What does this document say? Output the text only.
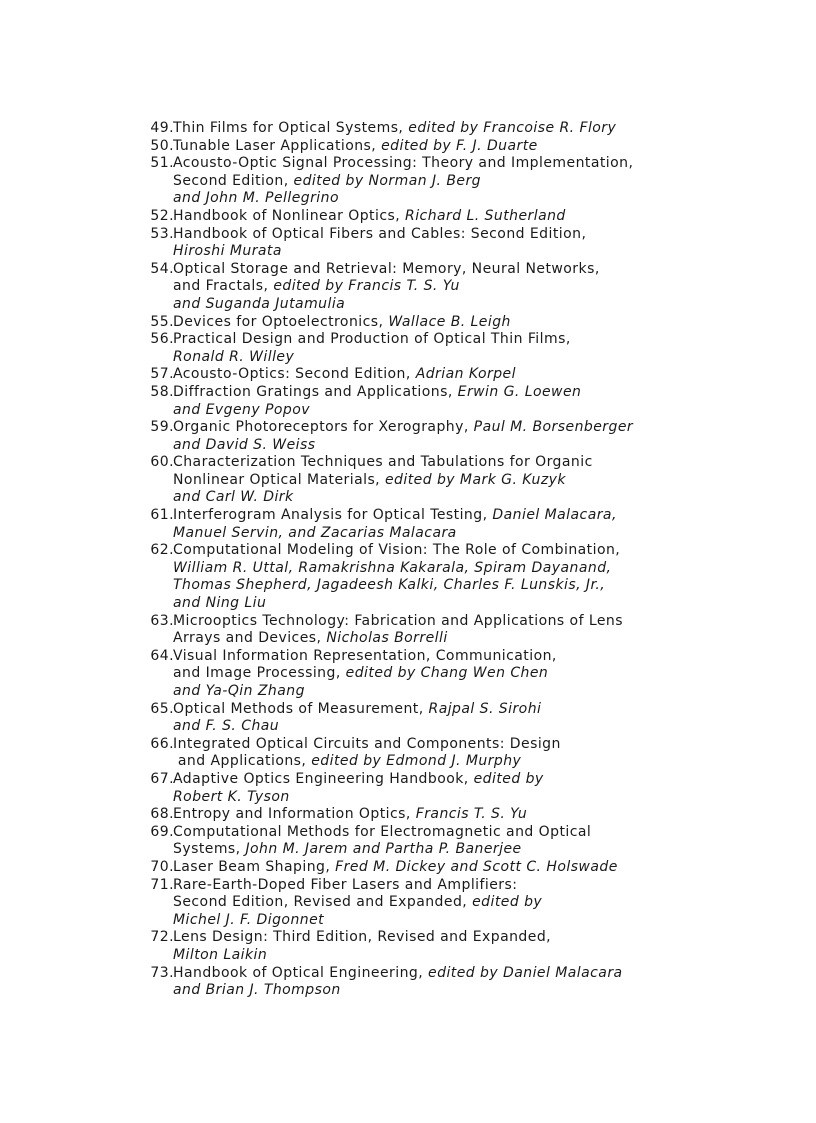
49. Thin Films for Optical Systems, edited by Francoise R. Flory
50. Tunable Laser Applications, edited by F. J. Duarte
51. Acousto-Optic Signal Processing: Theory and Implementation,
Second Edition, edited by Norman J. Berg
and John M. Pellegrino
52. Handbook of Nonlinear Optics, Richard L. Sutherland
53. Handbook of Optical Fibers and Cables: Second Edition,
Hiroshi Murata
54. Optical Storage and Retrieval: Memory, Neural Networks,
and Fractals, edited by Francis T. S. Yu
and Suganda Jutamulia
55. Devices for Optoelectronics, Wallace B. Leigh
56. Practical Design and Production of Optical Thin Films,
Ronald R. Willey
57. Acousto-Optics: Second Edition, Adrian Korpel
58. Diffraction Gratings and Applications, Erwin G. Loewen
and Evgeny Popov
59. Organic Photoreceptors for Xerography, Paul M. Borsenberger
and David S. Weiss
60. Characterization Techniques and Tabulations for Organic
Nonlinear Optical Materials, edited by Mark G. Kuzyk
and Carl W. Dirk
61. Interferogram Analysis for Optical Testing, Daniel Malacara,
Manuel Servin, and Zacarias Malacara
62. Computational Modeling of Vision: The Role of Combination,
William R. Uttal, Ramakrishna Kakarala, Spiram Dayanand,
Thomas Shepherd, Jagadeesh Kalki, Charles F. Lunskis, Jr.,
and Ning Liu
63. Microoptics Technology: Fabrication and Applications of Lens
Arrays and Devices, Nicholas Borrelli
64. Visual Information Representation, Communication,
and Image Processing, edited by Chang Wen Chen
and Ya-Qin Zhang
65. Optical Methods of Measurement, Rajpal S. Sirohi
and F. S. Chau
66. Integrated Optical Circuits and Components: Design
and Applications, edited by Edmond J. Murphy
67. Adaptive Optics Engineering Handbook, edited by
Robert K. Tyson
68. Entropy and Information Optics, Francis T. S. Yu
69. Computational Methods for Electromagnetic and Optical
Systems, John M. Jarem and Partha P. Banerjee
70. Laser Beam Shaping, Fred M. Dickey and Scott C. Holswade
71. Rare-Earth-Doped Fiber Lasers and Amplifiers:
Second Edition, Revised and Expanded, edited by
Michel J. F. Digonnet
72. Lens Design: Third Edition, Revised and Expanded,
Milton Laikin
73. Handbook of Optical Engineering, edited by Daniel Malacara
and Brian J. Thompson
